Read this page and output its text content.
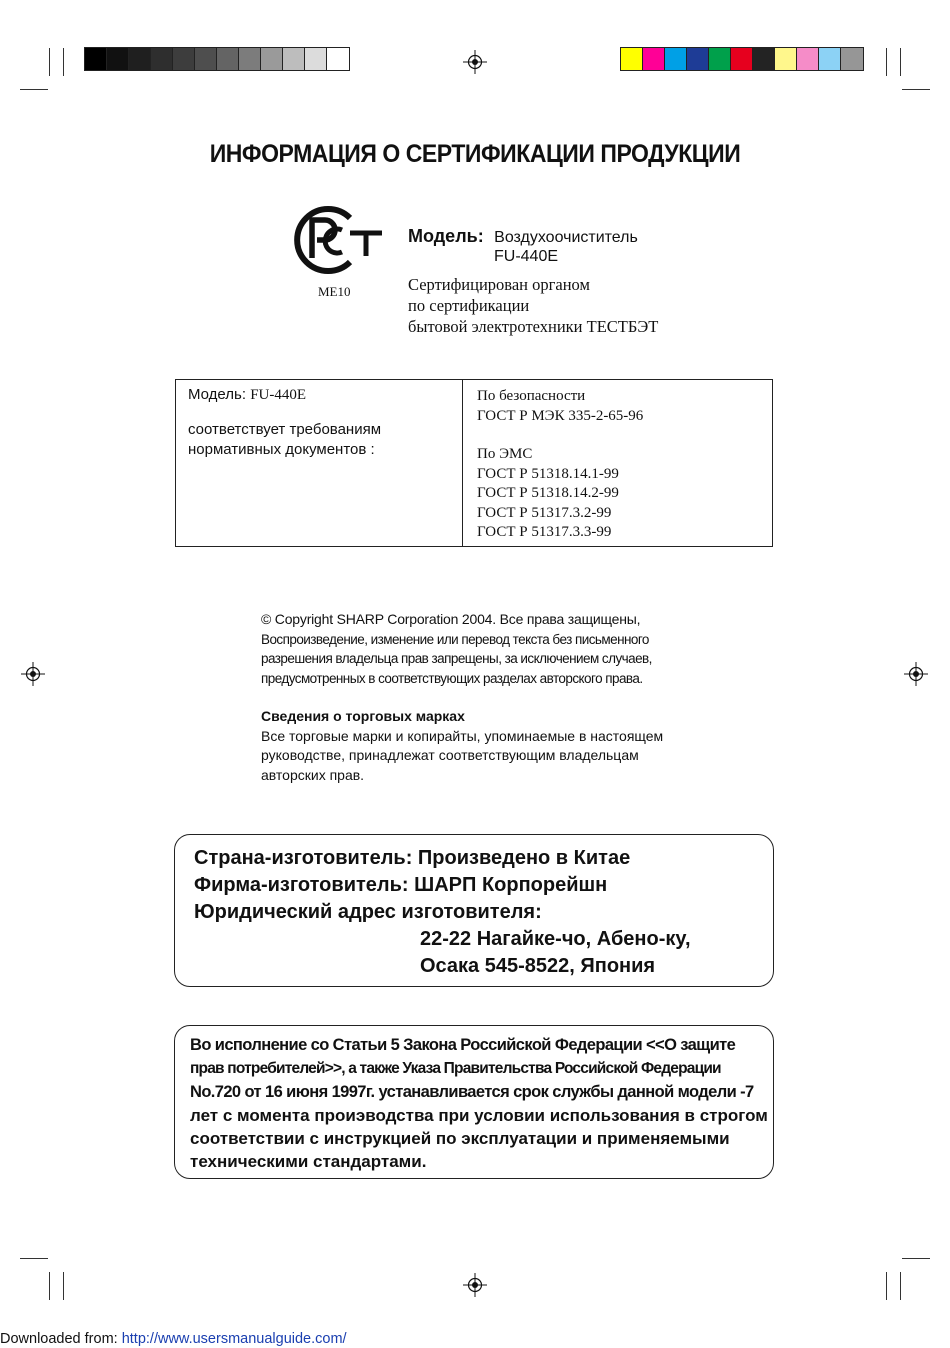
ИНФОРМАЦИЯ О СЕРТИФИКАЦИИ ПРОДУКЦИИ
ME10
Модель: Воздухоочиститель
FU-440E
Сертифицирован органом
по сертификации
бытовой электротехники ТЕСТБЭТ
Модель: FU-440E
соответствует требованиям
нормативных документов :
По безопасности
ГОСТ Р МЭК 335-2-65-96
По ЭМС
ГОСТ Р 51318.14.1-99
ГОСТ Р 51318.14.2-99
ГОСТ Р 51317.3.2-99
ГОСТ Р 51317.3.3-99
© Copyright SHARP Corporation 2004. Все права защищены,
Воспроизведение, изменение или перевод текста без письменного
разрешения владельца прав запрещены, за исключением случаев,
предусмотренных в соответствующих разделах авторского права.
Сведения о торговых марках
Все торговые марки и копирайты, упоминаемые в настоящем
руководстве, принадлежат соответствующим владельцам
авторских прав.
Страна-изготовитель: Произведено в Китае
Фирма-изготовитель: ШАРП Корпорейшн
Юридический адрес изготовителя:
22-22 Нагайке-чо, Абено-ку,
Осака 545-8522, Япония

Во исполнение со Статьи 5 Закона Российской Федерации <<О защите

прав потребителей>>, а также Указа Правительства Российской Федерации

No.720 от 16 июня 1997г. устанавливается срок службы данной модели -7

лет с момента проиэводства при условии использования в строгом

соответствии с инструкцией по эксплуатации и применяемыми

техническими стандартами.

Downloaded from: http://www.usersmanualguide.com/
